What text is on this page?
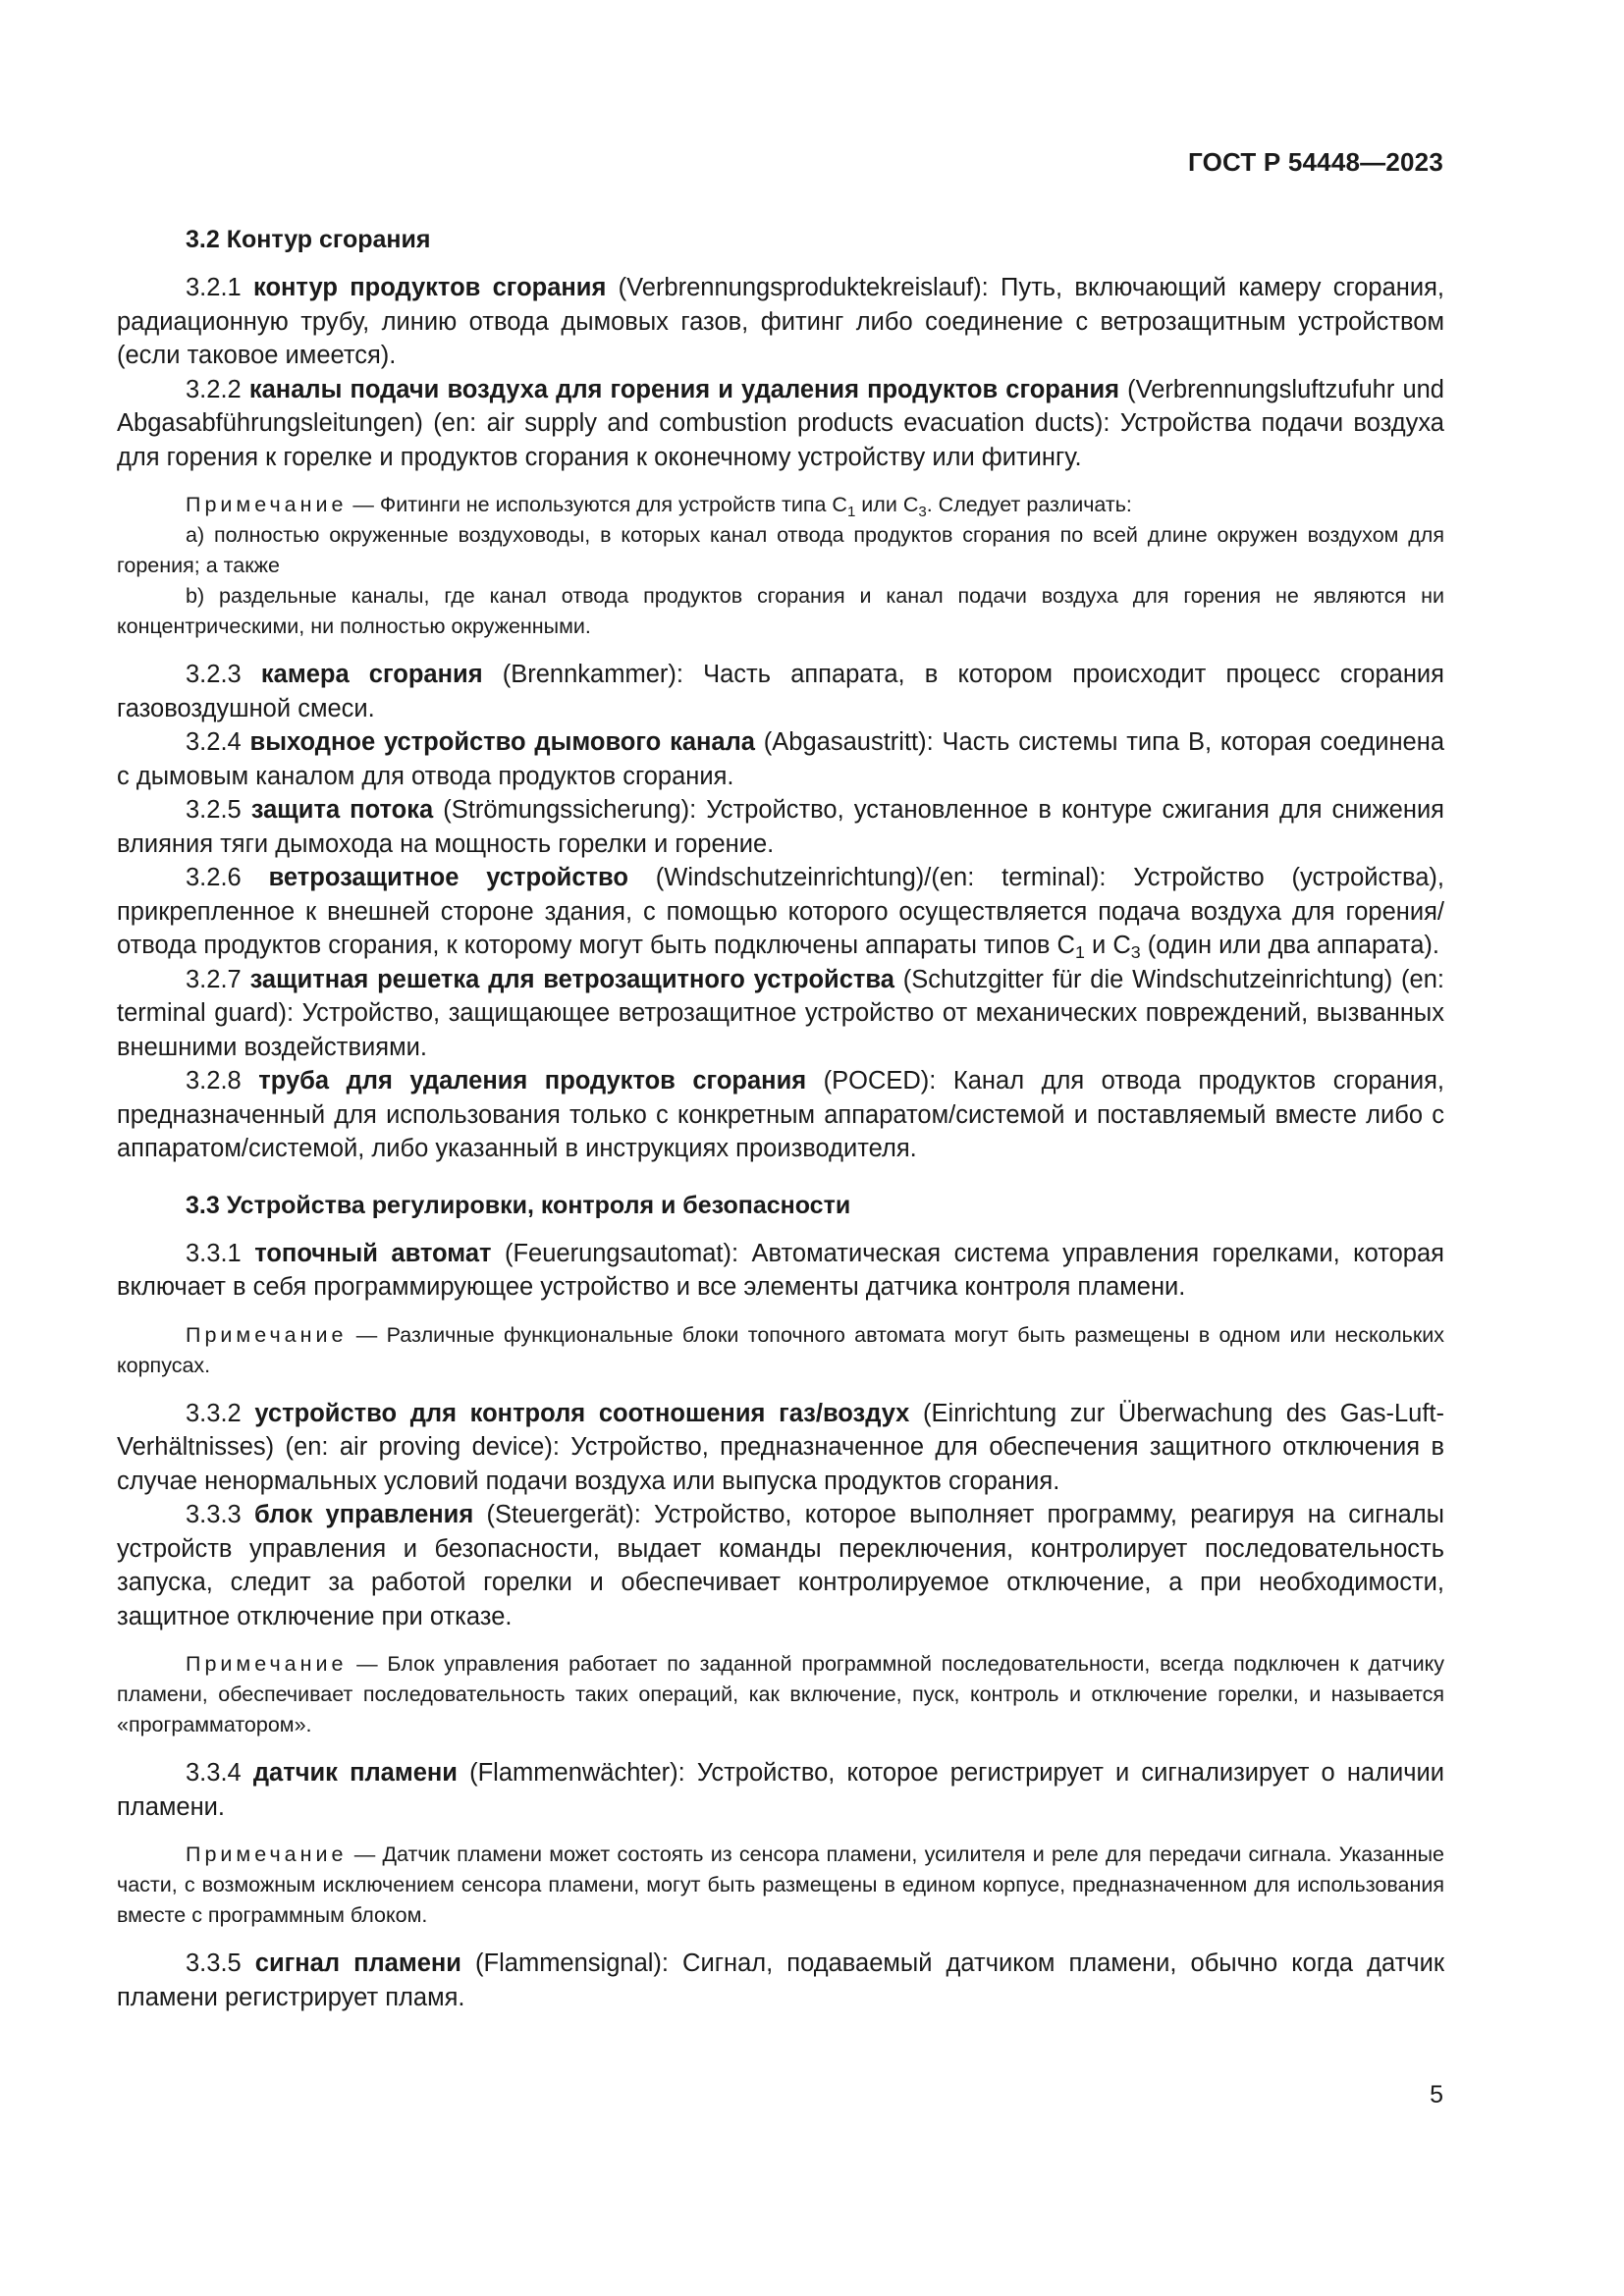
ГОСТ Р 54448—2023
3.2 Контур сгорания

3.2.1 контур продуктов сгорания (Verbrennungsproduktekreislauf): Путь, включающий камеру сгорания, радиационную трубу, линию отвода дымовых газов, фитинг либо соединение с ветрозащитным устройством (если таковое имеется).

3.2.2 каналы подачи воздуха для горения и удаления продуктов сгорания (Verbrennungsluftzufuhr und Abgasabführungsleitungen) (en: air supply and combustion products evacuation ducts): Устройства подачи воздуха для горения к горелке и продуктов сгорания к оконечному устройству или фитингу.

Примечание — Фитинги не используются для устройств типа $С_1$ или $С_3$. Следует различать:

a) полностью окруженные воздуховоды, в которых канал отвода продуктов сгорания по всей длине окружен воздухом для горения; а также

b) раздельные каналы, где канал отвода продуктов сгорания и канал подачи воздуха для горения не являются ни концентрическими, ни полностью окруженными.

3.2.3 камера сгорания (Brennkammer): Часть аппарата, в котором происходит процесс сгорания газовоздушной смеси.

3.2.4 выходное устройство дымового канала (Abgasaustritt): Часть системы типа В, которая соединена с дымовым каналом для отвода продуктов сгорания.

3.2.5 защита потока (Strömungssicherung): Устройство, установленное в контуре сжигания для снижения влияния тяги дымохода на мощность горелки и горение.

3.2.6 ветрозащитное устройство (Windschutzeinrichtung)/(en: terminal): Устройство (устройства), прикрепленное к внешней стороне здания, с помощью которого осуществляется подача воздуха для горения/отвода продуктов сгорания, к которому могут быть подключены аппараты типов $С_1$ и $С_3$ (один или два аппарата).

3.2.7 защитная решетка для ветрозащитного устройства (Schutzgitter für die Windschutzeinrichtung) (en: terminal guard): Устройство, защищающее ветрозащитное устройство от механических повреждений, вызванных внешними воздействиями.

3.2.8 труба для удаления продуктов сгорания (POCED): Канал для отвода продуктов сгорания, предназначенный для использования только с конкретным аппаратом/системой и поставляемый вместе либо с аппаратом/системой, либо указанный в инструкциях производителя.

3.3 Устройства регулировки, контроля и безопасности

3.3.1 топочный автомат (Feuerungsautomat): Автоматическая система управления горелками, которая включает в себя программирующее устройство и все элементы датчика контроля пламени.

Примечание — Различные функциональные блоки топочного автомата могут быть размещены в одном или нескольких корпусах.

3.3.2 устройство для контроля соотношения газ/воздух (Einrichtung zur Überwachung des Gas-Luft-Verhältnisses) (en: air proving device): Устройство, предназначенное для обеспечения защитного отключения в случае ненормальных условий подачи воздуха или выпуска продуктов сгорания.

3.3.3 блок управления (Steuergerät): Устройство, которое выполняет программу, реагируя на сигналы устройств управления и безопасности, выдает команды переключения, контролирует последовательность запуска, следит за работой горелки и обеспечивает контролируемое отключение, а при необходимости, защитное отключение при отказе.

Примечание — Блок управления работает по заданной программной последовательности, всегда подключен к датчику пламени, обеспечивает последовательность таких операций, как включение, пуск, контроль и отключение горелки, и называется «программатором».

3.3.4 датчик пламени (Flammenwächter): Устройство, которое регистрирует и сигнализирует о наличии пламени.

Примечание — Датчик пламени может состоять из сенсора пламени, усилителя и реле для передачи сигнала. Указанные части, с возможным исключением сенсора пламени, могут быть размещены в едином корпусе, предназначенном для использования вместе с программным блоком.

3.3.5 сигнал пламени (Flammensignal): Сигнал, подаваемый датчиком пламени, обычно когда датчик пламени регистрирует пламя.

5
